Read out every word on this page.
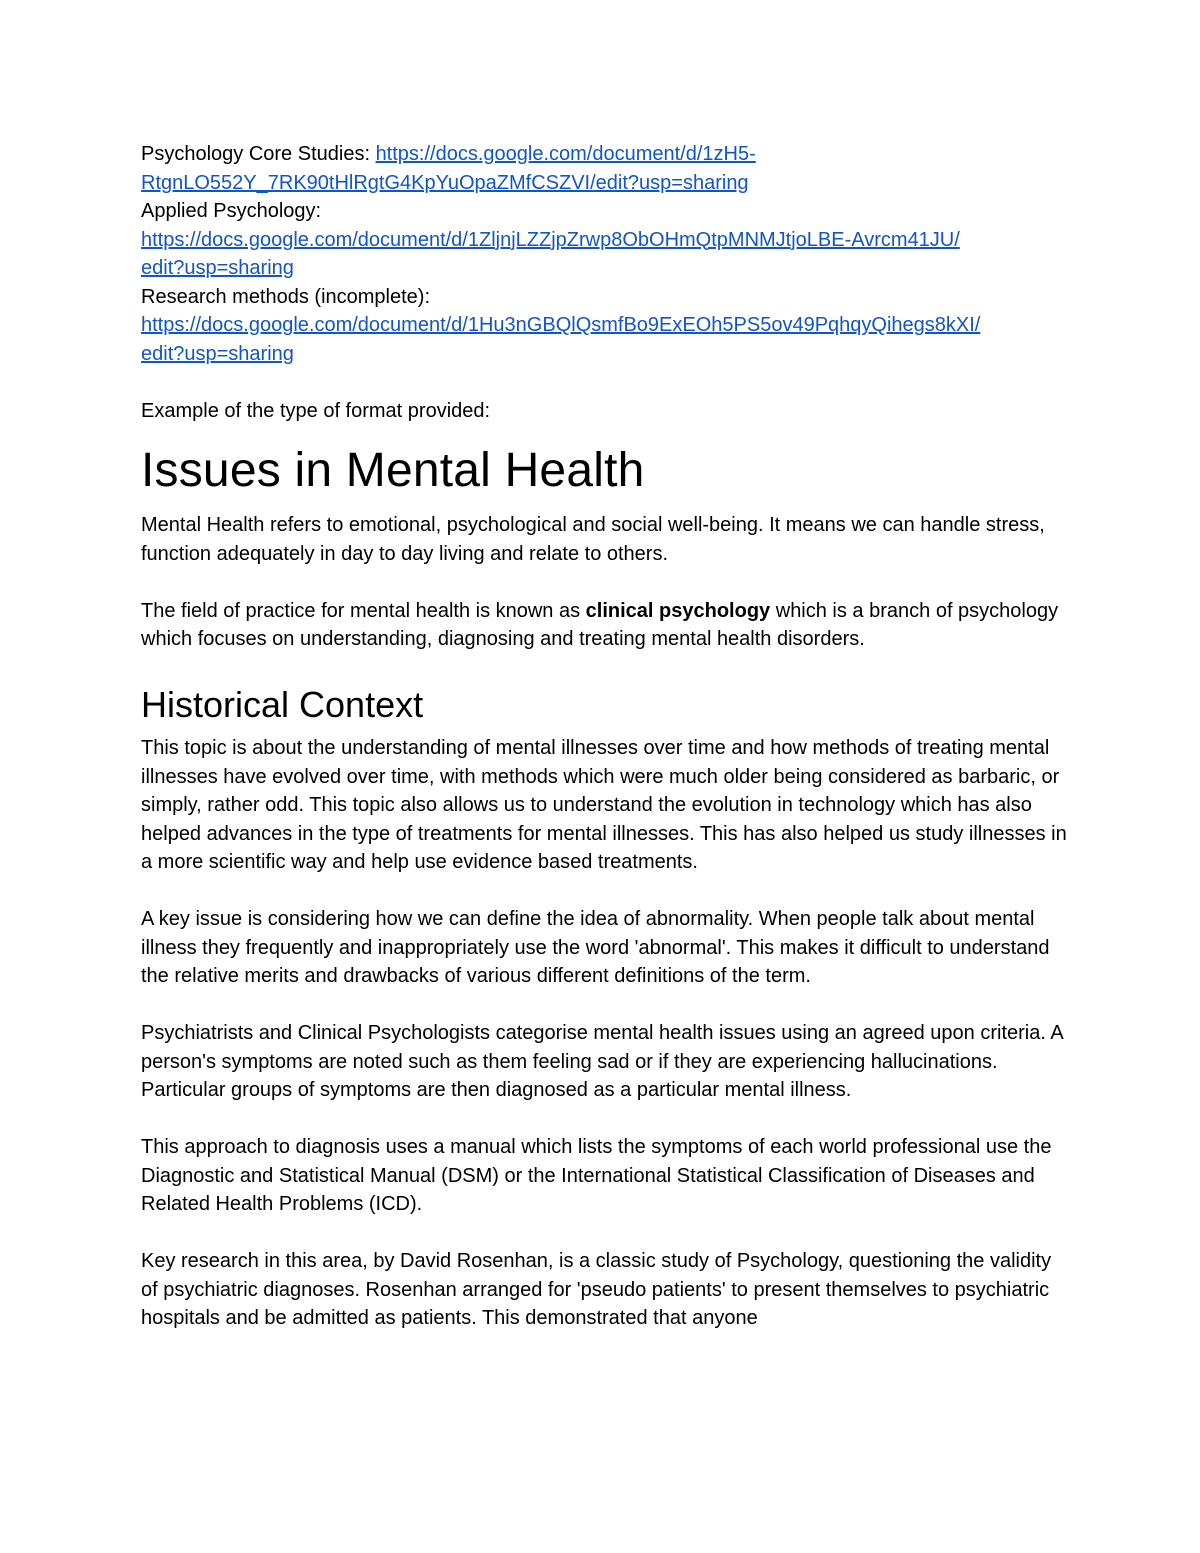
Psychology Core Studies: https://docs.google.com/document/d/1zH5-
RtgnLO552Y_7RK90tHlRgtG4KpYuOpaZMfCSZVI/edit?usp=sharing
Applied Psychology:
https://docs.google.com/document/d/1ZljnjLZZjpZrwp8ObOHmQtpMNMJtjoLBE-Avrcm41JU/
edit?usp=sharing
Research methods (incomplete):
https://docs.google.com/document/d/1Hu3nGBQlQsmfBo9ExEOh5PS5ov49PqhqyQihegs8kXI/
edit?usp=sharing
Example of the type of format provided:
Issues in Mental Health

Mental Health refers to emotional, psychological and social well-being. It means we can handle stress, function adequately in day to day living and relate to others.

The field of practice for mental health is known as clinical psychology which is a branch of psychology which focuses on understanding, diagnosing and treating mental health disorders.

Historical Context

This topic is about the understanding of mental illnesses over time and how methods of treating mental illnesses have evolved over time, with methods which were much older being considered as barbaric, or simply, rather odd. This topic also allows us to understand the evolution in technology which has also helped advances in the type of treatments for mental illnesses. This has also helped us study illnesses in a more scientific way and help use evidence based treatments.

A key issue is considering how we can define the idea of abnormality. When people talk about mental illness they frequently and inappropriately use the word 'abnormal'. This makes it difficult to understand the relative merits and drawbacks of various different definitions of the term.

Psychiatrists and Clinical Psychologists categorise mental health issues using an agreed upon criteria. A person's symptoms are noted such as them feeling sad or if they are experiencing hallucinations. Particular groups of symptoms are then diagnosed as a particular mental illness.

This approach to diagnosis uses a manual which lists the symptoms of each world professional use the Diagnostic and Statistical Manual (DSM) or the International Statistical Classification of Diseases and Related Health Problems (ICD).

Key research in this area, by David Rosenhan, is a classic study of Psychology, questioning the validity of psychiatric diagnoses. Rosenhan arranged for 'pseudo patients' to present themselves to psychiatric hospitals and be admitted as patients. This demonstrated that anyone
